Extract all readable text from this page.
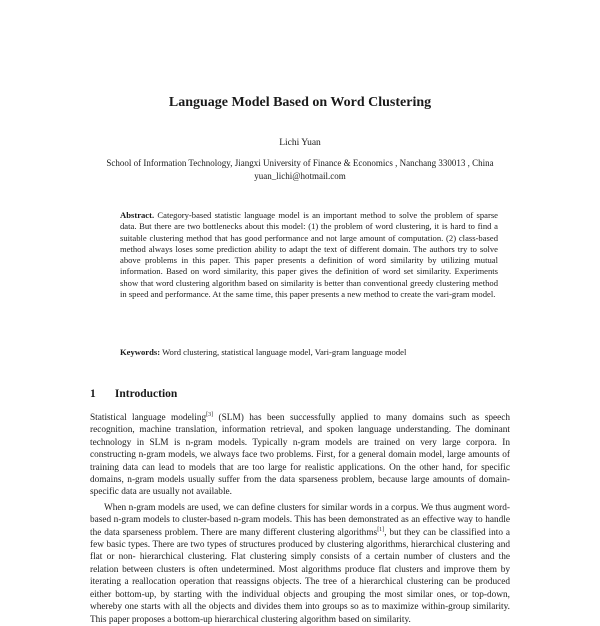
Language Model Based on Word Clustering
Lichi Yuan
School of Information Technology, Jiangxi University of Finance & Economics , Nanchang 330013 , China
yuan_lichi@hotmail.com
Abstract. Category-based statistic language model is an important method to solve the problem of sparse data. But there are two bottlenecks about this model: (1) the problem of word clustering, it is hard to find a suitable clustering method that has good performance and not large amount of computation. (2) class-based method always loses some prediction ability to adapt the text of different domain. The authors try to solve above problems in this paper. This paper presents a definition of word similarity by utilizing mutual information. Based on word similarity, this paper gives the definition of word set similarity. Experiments show that word clustering algorithm based on similarity is better than conventional greedy clustering method in speed and performance. At the same time, this paper presents a new method to create the vari-gram model.
Keywords: Word clustering, statistical language model, Vari-gram language model
1 Introduction

Statistical language modeling[3] (SLM) has been successfully applied to many domains such as speech recognition, machine translation, information retrieval, and spoken language understanding. The dominant technology in SLM is n-gram models. Typically n-gram models are trained on very large corpora. In constructing n-gram models, we always face two problems. First, for a general domain model, large amounts of training data can lead to models that are too large for realistic applications. On the other hand, for specific domains, n-gram models usually suffer from the data sparseness problem, because large amounts of domain-specific data are usually not available.

When n-gram models are used, we can define clusters for similar words in a corpus. We thus augment word-based n-gram models to cluster-based n-gram models. This has been demonstrated as an effective way to handle the data sparseness problem. There are many different clustering algorithms[1], but they can be classified into a few basic types. There are two types of structures produced by clustering algorithms, hierarchical clustering and flat or non- hierarchical clustering. Flat clustering simply consists of a certain number of clusters and the relation between clusters is often undetermined. Most algorithms produce flat clusters and improve them by iterating a reallocation operation that reassigns objects. The tree of a hierarchical clustering can be produced either bottom-up, by starting with the individual objects and grouping the most similar ones, or top-down, whereby one starts with all the objects and divides them into groups so as to maximize within-group similarity. This paper proposes a bottom-up hierarchical clustering algorithm based on similarity.
